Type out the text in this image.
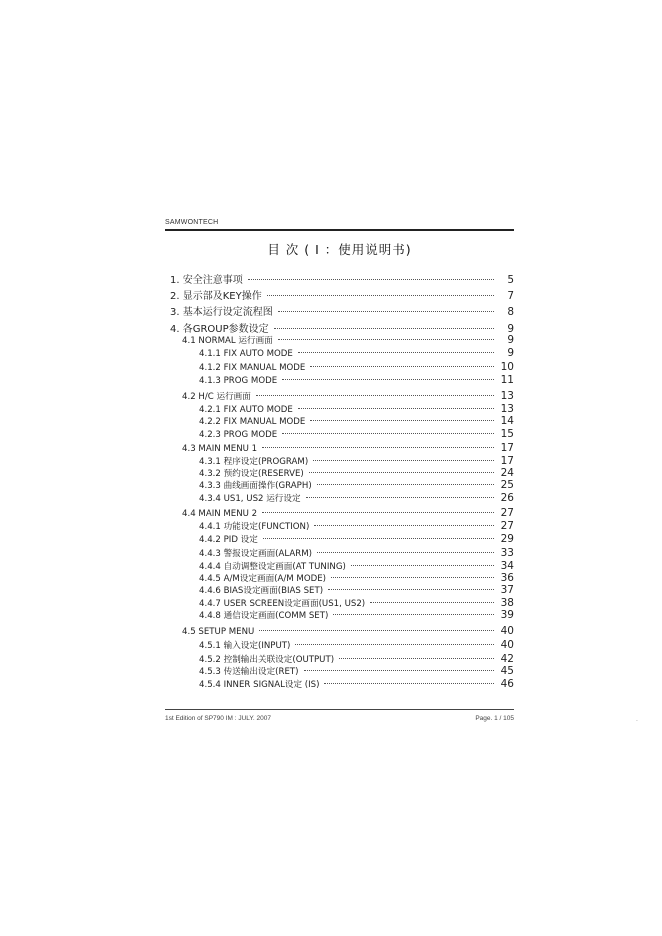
SAMWONTECH
目 次 ( Ⅰ ：使用说明书)
1. 安全注意事项	5
2. 显示部及KEY操作	7
3. 基本运行设定流程图	8
4. 各GROUP参数设定	9
4.1 NORMAL 运行画面	9
4.1.1 FIX AUTO MODE	9
4.1.2 FIX MANUAL MODE	10
4.1.3 PROG MODE	11
4.2 H/C 运行画面	13
4.2.1 FIX AUTO MODE	13
4.2.2 FIX MANUAL MODE	14
4.2.3 PROG MODE	15
4.3 MAIN MENU 1	17
4.3.1 程序设定(PROGRAM)	17
4.3.2 预约设定(RESERVE)	24
4.3.3 曲线画面操作(GRAPH)	25
4.3.4 US1, US2 运行设定	26
4.4 MAIN MENU 2	27
4.4.1 功能设定(FUNCTION)	27
4.4.2 PID 设定	29
4.4.3 警报设定画面(ALARM)	33
4.4.4 自动调整设定画面(AT TUNING)	34
4.4.5 A/M设定画面(A/M MODE)	36
4.4.6 BIAS设定画面(BIAS SET)	37
4.4.7 USER SCREEN设定画面(US1, US2)	38
4.4.8 通信设定画面(COMM SET)	39
4.5 SETUP MENU	40
4.5.1 输入设定(INPUT)	40
4.5.2 控制输出关联设定(OUTPUT)	42
4.5.3 传送输出设定(RET)	45
4.5.4 INNER SIGNAL设定 (IS)	46
1st Edition of SP790 IM : JULY. 2007	Page. 1 / 105	.
